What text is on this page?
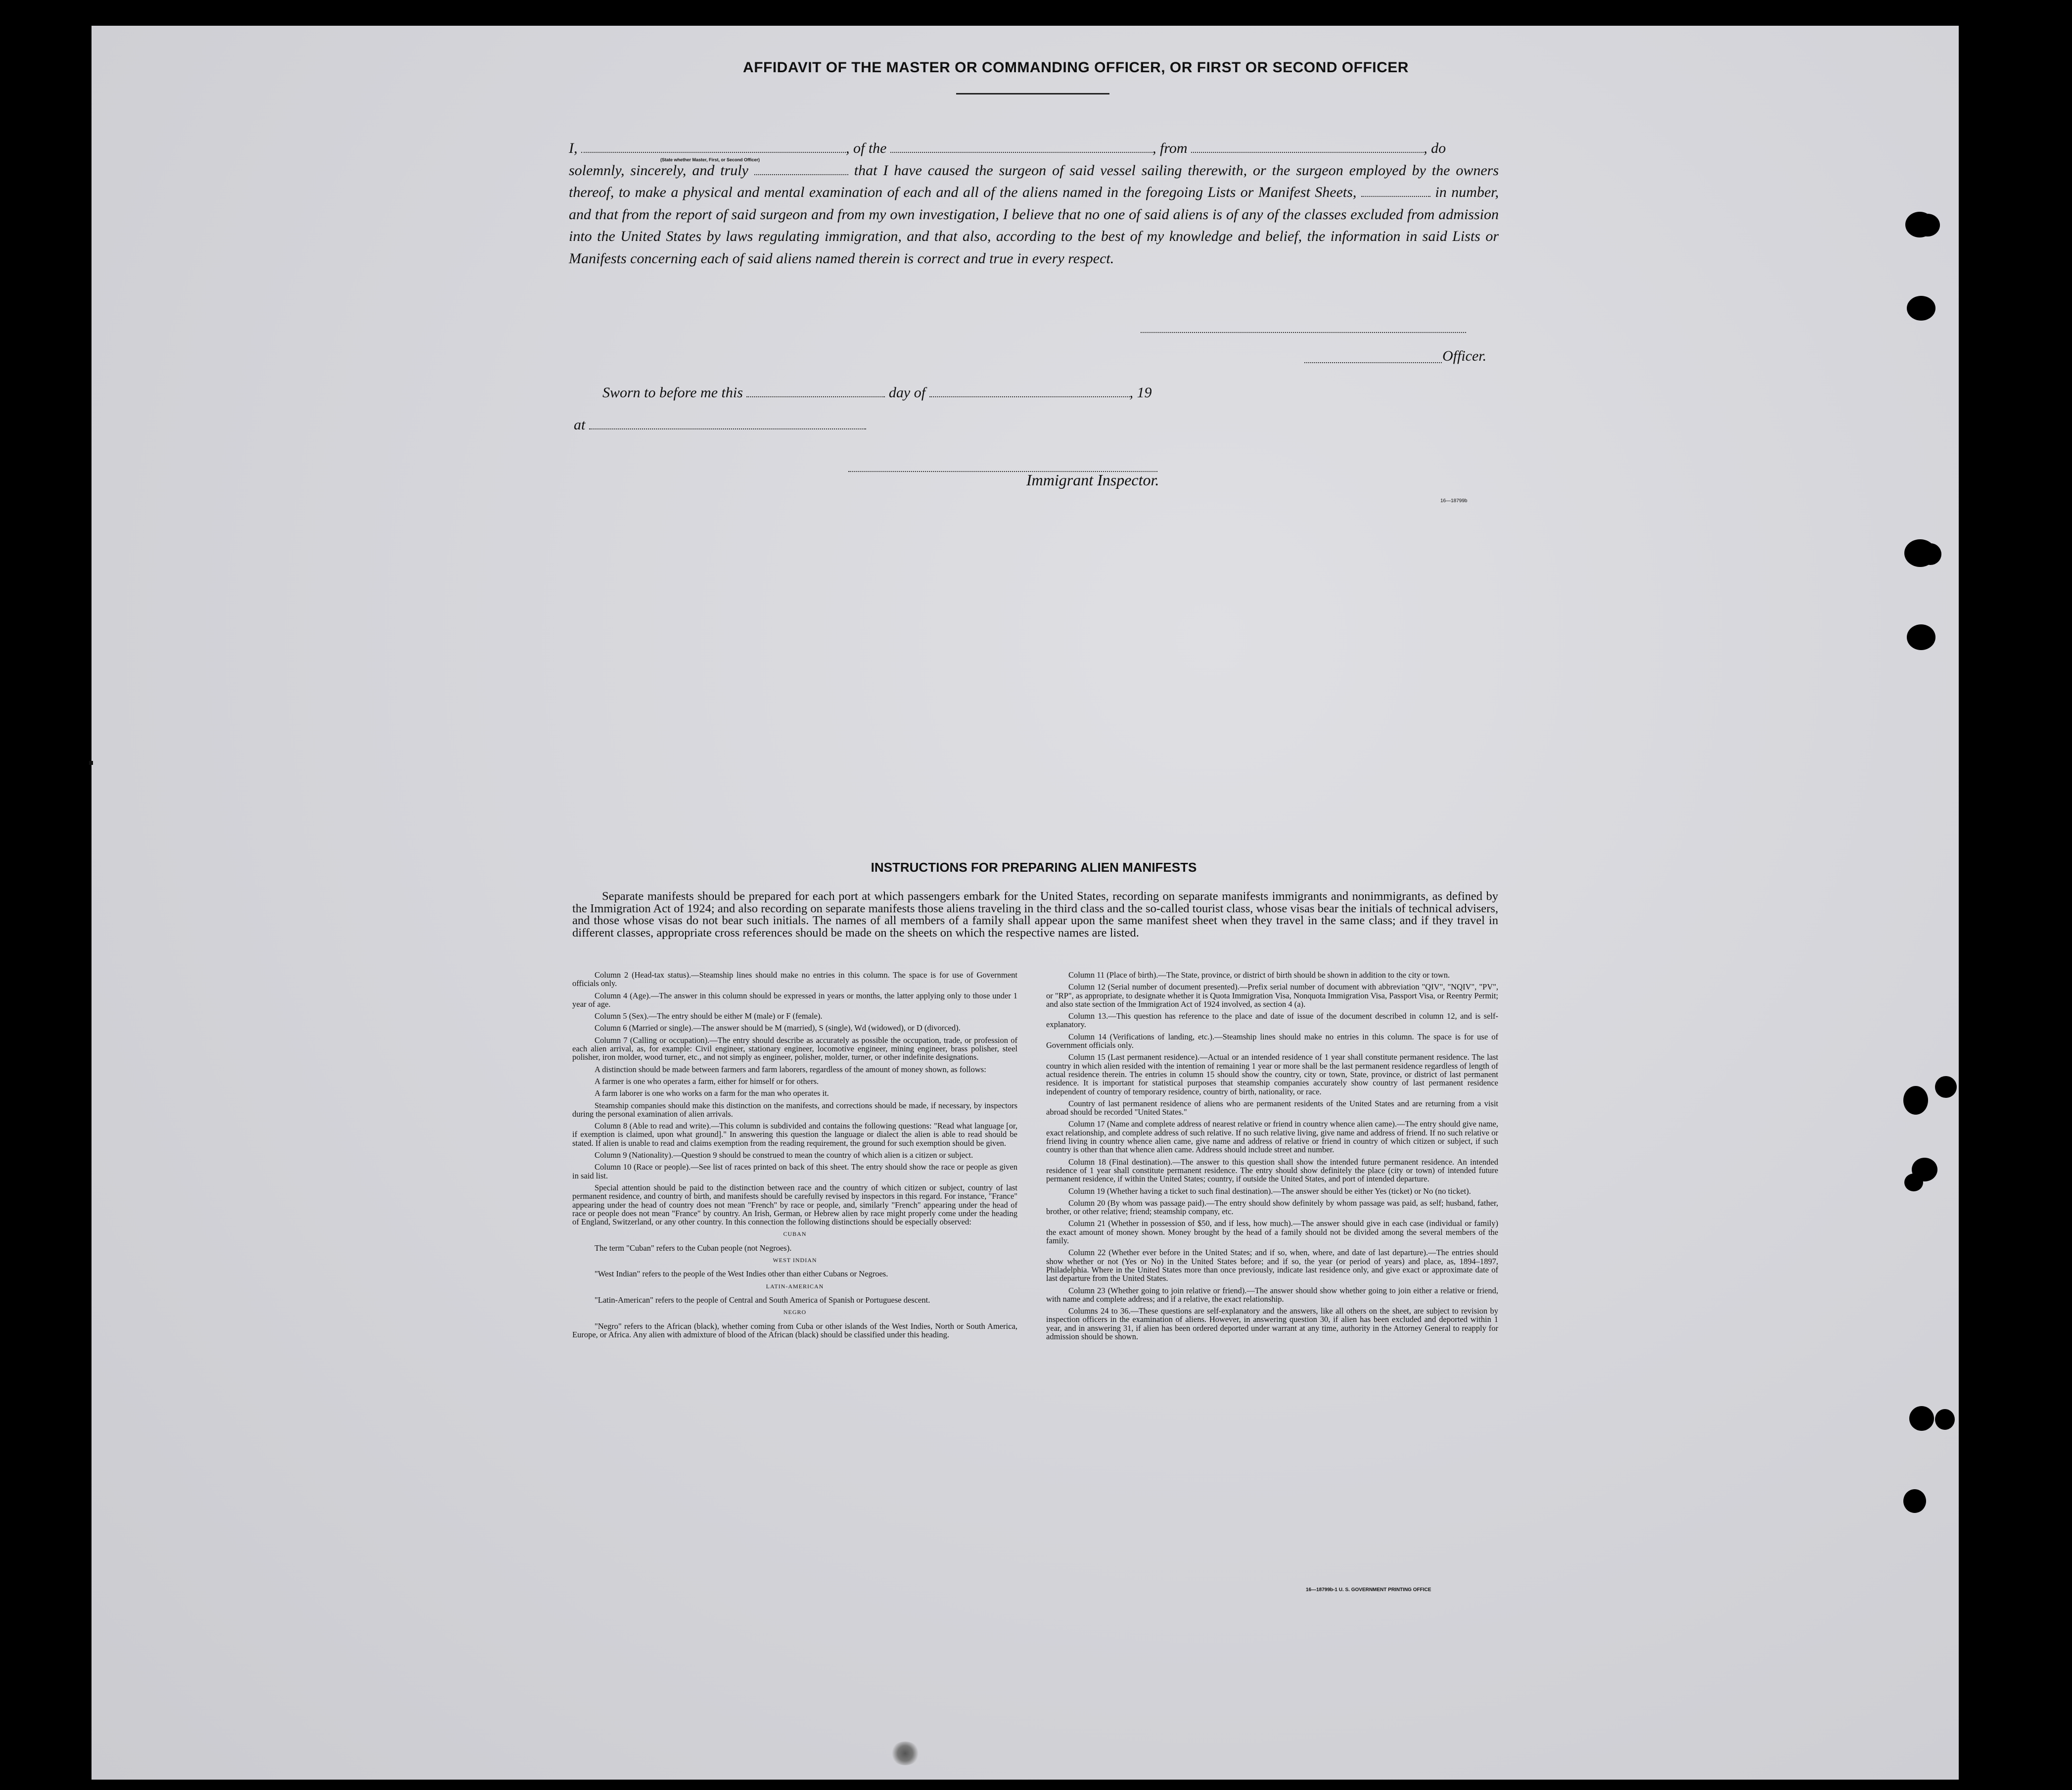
AFFIDAVIT OF THE MASTER OR COMMANDING OFFICER, OR FIRST OR SECOND OFFICER
I,	, of the	, from	, do
solemnly, sincerely, and truly	that I have caused the surgeon of said vessel sailing therewith, or the surgeon employed by the owners thereof, to make a physical and mental examination of each and all of the aliens named in the foregoing Lists or Manifest Sheets,	in number, and that from the report of said surgeon and from my own investigation, I believe that no one of said aliens is of any of the classes excluded from admission into the United States by laws regulating immigration, and that also, according to the best of my knowledge and belief, the information in said Lists or Manifests concerning each of said aliens named therein is correct and true in every respect.
(State whether Master, First, or Second Officer)
Officer.
Sworn to before me this	day of	, 19
at
Immigrant Inspector.
16—18799b
INSTRUCTIONS FOR PREPARING ALIEN MANIFESTS
Separate manifests should be prepared for each port at which passengers embark for the United States, recording on separate manifests immigrants and nonimmigrants, as defined by the Immigration Act of 1924; and also recording on separate manifests those aliens traveling in the third class and the so-called tourist class, whose visas bear the initials of technical advisers, and those whose visas do not bear such initials. The names of all members of a family shall appear upon the same manifest sheet when they travel in the same class; and if they travel in different classes, appropriate cross references should be made on the sheets on which the respective names are listed.

Column 2 (Head-tax status).—Steamship lines should make no entries in this column. The space is for use of Government officials only.

Column 4 (Age).—The answer in this column should be expressed in years or months, the latter applying only to those under 1 year of age.

Column 5 (Sex).—The entry should be either M (male) or F (female).

Column 6 (Married or single).—The answer should be M (married), S (single), Wd (widowed), or D (divorced).

Column 7 (Calling or occupation).—The entry should describe as accurately as possible the occupation, trade, or profession of each alien arrival, as, for example: Civil engineer, stationary engineer, locomotive engineer, mining engineer, brass polisher, steel polisher, iron molder, wood turner, etc., and not simply as engineer, polisher, molder, turner, or other indefinite designations.

A distinction should be made between farmers and farm laborers, regardless of the amount of money shown, as follows:

A farmer is one who operates a farm, either for himself or for others.

A farm laborer is one who works on a farm for the man who operates it.

Steamship companies should make this distinction on the manifests, and corrections should be made, if necessary, by inspectors during the personal examination of alien arrivals.

Column 8 (Able to read and write).—This column is subdivided and contains the following questions: "Read what language [or, if exemption is claimed, upon what ground]." In answering this question the language or dialect the alien is able to read should be stated. If alien is unable to read and claims exemption from the reading requirement, the ground for such exemption should be given.

Column 9 (Nationality).—Question 9 should be construed to mean the country of which alien is a citizen or subject.

Column 10 (Race or people).—See list of races printed on back of this sheet. The entry should show the race or people as given in said list.

Special attention should be paid to the distinction between race and the country of which citizen or subject, country of last permanent residence, and country of birth, and manifests should be carefully revised by inspectors in this regard. For instance, "France" appearing under the head of country does not mean "French" by race or people, and, similarly "French" appearing under the head of race or people does not mean "France" by country. An Irish, German, or Hebrew alien by race might properly come under the heading of England, Switzerland, or any other country. In this connection the following distinctions should be especially observed:

CUBAN

The term "Cuban" refers to the Cuban people (not Negroes).

WEST INDIAN

"West Indian" refers to the people of the West Indies other than either Cubans or Negroes.

LATIN-AMERICAN

"Latin-American" refers to the people of Central and South America of Spanish or Portuguese descent.

NEGRO

"Negro" refers to the African (black), whether coming from Cuba or other islands of the West Indies, North or South America, Europe, or Africa. Any alien with admixture of blood of the African (black) should be classified under this heading.

Column 11 (Place of birth).—The State, province, or district of birth should be shown in addition to the city or town.

Column 12 (Serial number of document presented).—Prefix serial number of document with abbreviation "QIV", "NQIV", "PV", or "RP", as appropriate, to designate whether it is Quota Immigration Visa, Nonquota Immigration Visa, Passport Visa, or Reentry Permit; and also state section of the Immigration Act of 1924 involved, as section 4 (a).

Column 13.—This question has reference to the place and date of issue of the document described in column 12, and is self-explanatory.

Column 14 (Verifications of landing, etc.).—Steamship lines should make no entries in this column. The space is for use of Government officials only.

Column 15 (Last permanent residence).—Actual or an intended residence of 1 year shall constitute permanent residence. The last country in which alien resided with the intention of remaining 1 year or more shall be the last permanent residence regardless of length of actual residence therein. The entries in column 15 should show the country, city or town, State, province, or district of last permanent residence. It is important for statistical purposes that steamship companies accurately show country of last permanent residence independent of country of temporary residence, country of birth, nationality, or race.

Country of last permanent residence of aliens who are permanent residents of the United States and are returning from a visit abroad should be recorded "United States."

Column 17 (Name and complete address of nearest relative or friend in country whence alien came).—The entry should give name, exact relationship, and complete address of such relative. If no such relative living, give name and address of friend. If no such relative or friend living in country whence alien came, give name and address of relative or friend in country of which citizen or subject, if such country is other than that whence alien came. Address should include street and number.

Column 18 (Final destination).—The answer to this question shall show the intended future permanent residence. An intended residence of 1 year shall constitute permanent residence. The entry should show definitely the place (city or town) of intended future permanent residence, if within the United States; country, if outside the United States, and port of intended departure.

Column 19 (Whether having a ticket to such final destination).—The answer should be either Yes (ticket) or No (no ticket).

Column 20 (By whom was passage paid).—The entry should show definitely by whom passage was paid, as self; husband, father, brother, or other relative; friend; steamship company, etc.

Column 21 (Whether in possession of $50, and if less, how much).—The answer should give in each case (individual or family) the exact amount of money shown. Money brought by the head of a family should not be divided among the several members of the family.

Column 22 (Whether ever before in the United States; and if so, when, where, and date of last departure).—The entries should show whether or not (Yes or No) in the United States before; and if so, the year (or period of years) and place, as, 1894–1897, Philadelphia. Where in the United States more than once previously, indicate last residence only, and give exact or approximate date of last departure from the United States.

Column 23 (Whether going to join relative or friend).—The answer should show whether going to join either a relative or friend, with name and complete address; and if a relative, the exact relationship.

Columns 24 to 36.—These questions are self-explanatory and the answers, like all others on the sheet, are subject to revision by inspection officers in the examination of aliens. However, in answering question 30, if alien has been excluded and deported within 1 year, and in answering 31, if alien has been ordered deported under warrant at any time, authority in the Attorney General to reapply for admission should be shown.

16—18799b-1 U. S. GOVERNMENT PRINTING OFFICE
